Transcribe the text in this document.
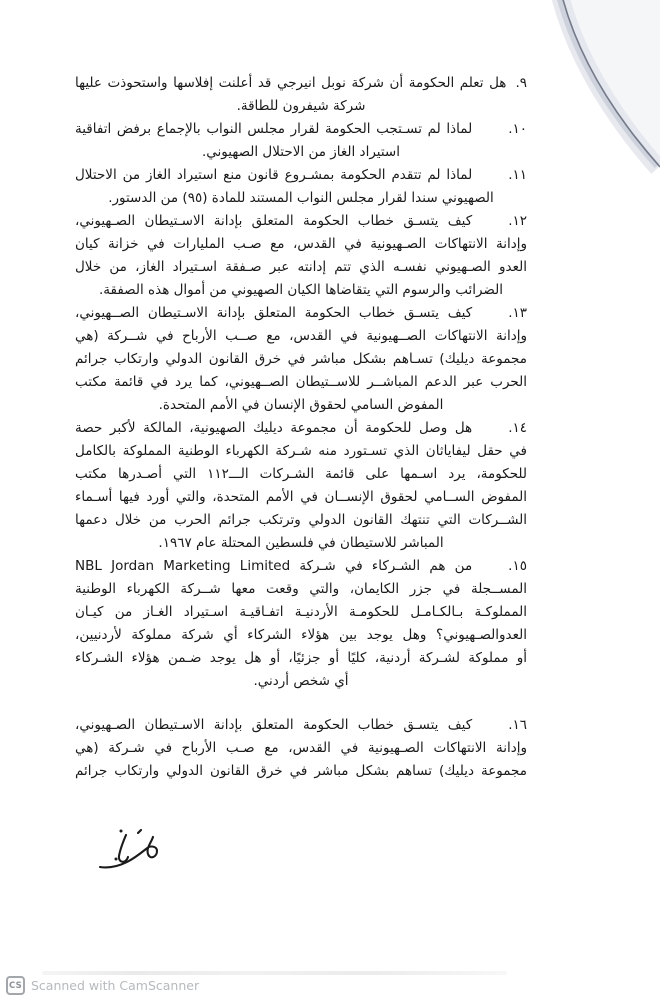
٩.هل تعلم الحكومة أن شركة نوبل انيرجي قد أعلنت إفلاسها واستحوذت عليها
شركة شيفرون للطاقة.
١٠.لماذا لم تسـتجب الحكومة لقرار مجلس النواب بالإجماع برفض اتفاقية
استيراد الغاز من الاحتلال الصهيوني.
١١.لماذا لم تتقدم الحكومة بمشـروع قانون منع استيراد الغاز من الاحتلال
الصهيوني سندا لقرار مجلس النواب المستند للمادة (٩٥) من الدستور.
١٢.كيف يتسـق خطاب الحكومة المتعلق بإدانة الاسـتيطان الصـهيوني،
وإدانة الانتهاكات الصـهيونية في القدس، مع صـب المليارات في خزانة كيان
العدو الصـهيوني نفسـه الذي تتم إدانته عبر صـفقة اسـتيراد الغاز، من خلال
الضرائب والرسوم التي يتقاضاها الكيان الصهيوني من أموال هذه الصفقة.
١٣.كيف يتسـق خطاب الحكومة المتعلق بإدانة الاسـتيطان الصــهيوني،
وإدانة الانتهاكات الصــهيونية في القدس، مع صــب الأرباح في شــركة (هي
مجموعة ديليك) تسـاهم بشكل مباشر في خرق القانون الدولي وارتكاب جرائم
الحرب عبر الدعم المباشــر للاســتيطان الصــهيوني، كما يرد في قائمة مكتب
المفوض السامي لحقوق الإنسان في الأمم المتحدة.
١٤.هل وصل للحكومة أن مجموعة ديليك الصهيونية، المالكة لأكبر حصة
في حقل ليفاياثان الذي تسـتورد منه شـركة الكهرباء الوطنية المملوكة بالكامل
للحكومة، يرد اسـمها على قائمة الشـركات الـــ١١٢ التي أصـدرها مكتب
المفوض الســامي لحقوق الإنســان في الأمم المتحدة، والتي أورد فيها أسـماء
الشــركات التي تنتهك القانون الدولي وترتكب جرائم الحرب من خلال دعمها
المباشر للاستيطان في فلسطين المحتلة عام ١٩٦٧.
١٥.من هم الشـركاء في شـركة NBL Jordan Marketing Limited
المســجلة في جزر الكايمان، والتي وقعت معها شــركة الكهرباء الوطنية
المملوكـة بـالكـامـل للحكومـة الأردنيـة اتفـاقيـة اسـتيراد الغـاز من كيـان
العدوالصـهيوني؟ وهل يوجد بين هؤلاء الشركاء أي شركة مملوكة لأردنيين،
أو مملوكة لشـركة أردنية، كليًا أو جزئيًا، أو هل يوجد ضـمن هؤلاء الشـركاء
أي شخص أردني.
١٦.كيف يتسـق خطاب الحكومة المتعلق بإدانة الاسـتيطان الصـهيوني،
وإدانة الانتهاكات الصـهيونية في القدس، مع صـب الأرباح في شـركة (هي
مجموعة ديليك) تساهم بشكل مباشر في خرق القانون الدولي وارتكاب جرائم
CS Scanned with CamScanner
